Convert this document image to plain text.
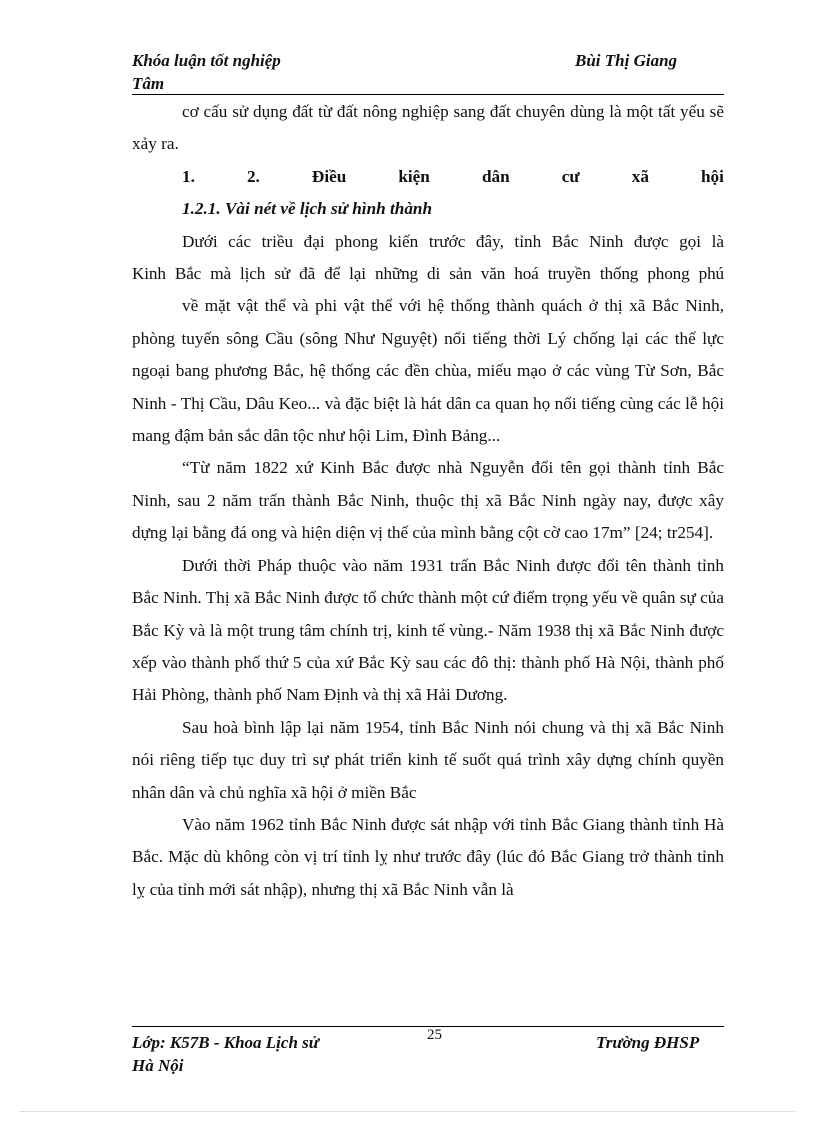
Khóa luận tốt nghiệp
Tâm
Bùi Thị Giang

cơ cấu sử dụng đất từ đất nông nghiệp sang đất chuyên dùng là một tất yếu sẽ xảy ra.

1.	2.	Điều	kiện	dân	cư	xã	hội
1.2.1. Vài nét về lịch sử hình thành

Dưới các triều đại phong kiến trước đây, tỉnh Bắc Ninh được gọi là

Kinh Bắc mà lịch sử đã để lại những di sản văn hoá truyền thống phong phú

về mặt vật thể và phi vật thể với hệ thống thành quách ở thị xã Bắc Ninh, phòng tuyến sông Cầu (sông Như Nguyệt) nổi tiếng thời Lý chống lại các thế lực ngoại bang phương Bắc, hệ thống các đền chùa, miếu mạo ở các vùng Từ Sơn, Bắc Ninh - Thị Cầu, Dâu Keo... và đặc biệt là hát dân ca quan họ nổi tiếng cùng các lễ hội mang đậm bản sắc dân tộc như hội Lim, Đình Bảng...

“Từ năm 1822 xứ Kinh Bắc được nhà Nguyễn đổi tên gọi thành tỉnh Bắc Ninh, sau 2 năm trấn thành Bắc Ninh, thuộc thị xã Bắc Ninh ngày nay, được xây dựng lại bằng đá ong và hiện diện vị thế của mình bằng cột cờ cao 17m” [24; tr254].

Dưới thời Pháp thuộc vào năm 1931 trấn Bắc Ninh được đổi tên thành tỉnh Bắc Ninh. Thị xã Bắc Ninh được tổ chức thành một cứ điểm trọng yếu về quân sự của Bắc Kỳ và là một trung tâm chính trị, kinh tế vùng.- Năm 1938 thị xã Bắc Ninh được xếp vào thành phố thứ 5 của xứ Bắc Kỳ sau các đô thị: thành phố Hà Nội, thành phố Hải Phòng, thành phố Nam Định và thị xã Hải Dương.

Sau hoà bình lập lại năm 1954, tỉnh Bắc Ninh nói chung và thị xã Bắc Ninh nói riêng tiếp tục duy trì sự phát triển kinh tế suốt quá trình xây dựng chính quyền nhân dân và chủ nghĩa xã hội ở miền Bắc

Vào năm 1962 tỉnh Bắc Ninh được sát nhập với tỉnh Bắc Giang thành tỉnh Hà Bắc. Mặc dù không còn vị trí tỉnh lỵ như trước đây (lúc đó Bắc Giang trở thành tỉnh lỵ của tỉnh mới sát nhập), nhưng thị xã Bắc Ninh vẫn là

Lớp: K57B - Khoa Lịch sử
Hà Nội
25	Trường ĐHSP
